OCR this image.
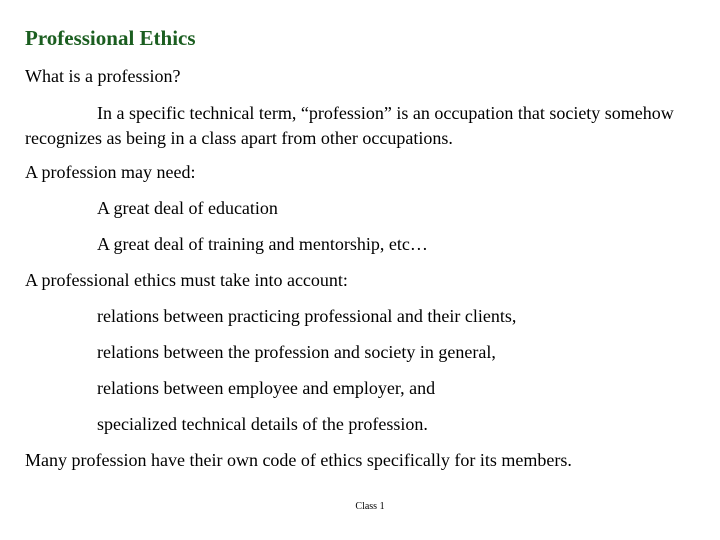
Professional Ethics
What is a profession?
In a specific technical term, “profession” is an occupation that society somehow recognizes as being in a class apart from other occupations.
A profession may need:
A great deal of education
A great deal of training and mentorship, etc…
A professional ethics must take into account:
relations between practicing professional and their clients,
relations between the profession and society in general,
relations between employee and employer, and
specialized technical details of the profession.
Many profession have their own code of ethics specifically for its members.
Class 1
